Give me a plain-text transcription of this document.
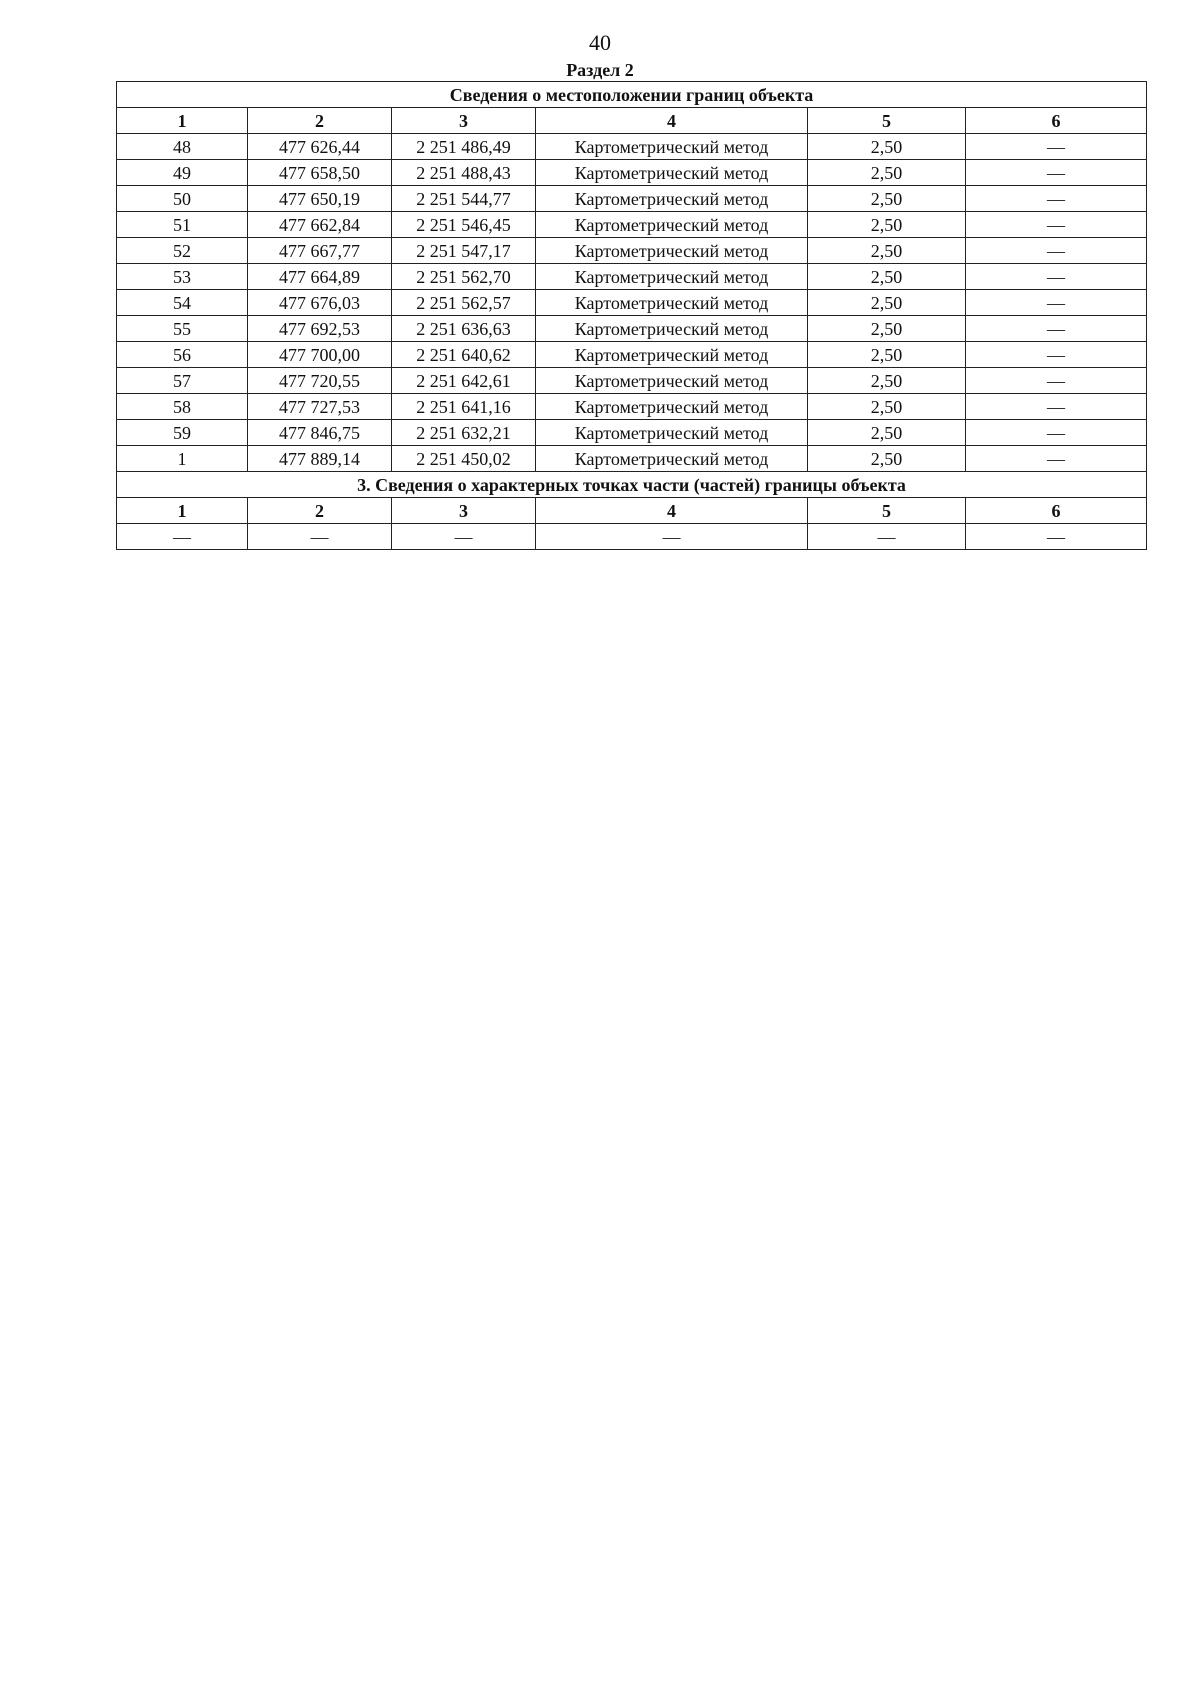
40
Раздел 2
Сведения о местоположении границ объекта					
1	2	3	4	5	6
48	477 626,44	2 251 486,49	Картометрический метод	2,50	—
49	477 658,50	2 251 488,43	Картометрический метод	2,50	—
50	477 650,19	2 251 544,77	Картометрический метод	2,50	—
51	477 662,84	2 251 546,45	Картометрический метод	2,50	—
52	477 667,77	2 251 547,17	Картометрический метод	2,50	—
53	477 664,89	2 251 562,70	Картометрический метод	2,50	—
54	477 676,03	2 251 562,57	Картометрический метод	2,50	—
55	477 692,53	2 251 636,63	Картометрический метод	2,50	—
56	477 700,00	2 251 640,62	Картометрический метод	2,50	—
57	477 720,55	2 251 642,61	Картометрический метод	2,50	—
58	477 727,53	2 251 641,16	Картометрический метод	2,50	—
59	477 846,75	2 251 632,21	Картометрический метод	2,50	—
1	477 889,14	2 251 450,02	Картометрический метод	2,50	—
3. Сведения о характерных точках части (частей) границы объекта					
1	2	3	4	5	6
—	—	—	—	—	—
